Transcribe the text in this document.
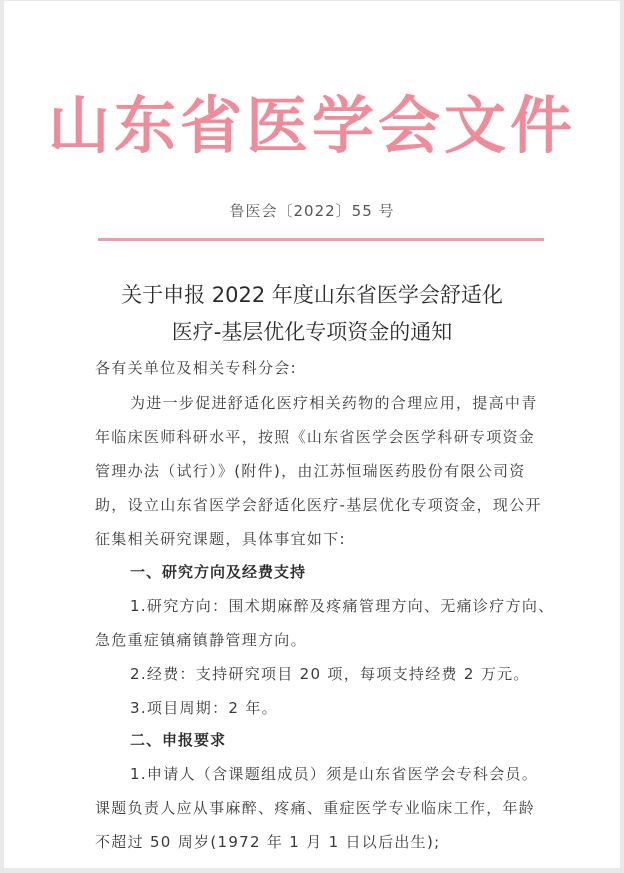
山东省医学会文件
鲁医会〔2022〕55 号
关于申报 2022 年度山东省医学会舒适化
医疗-基层优化专项资金的通知
各有关单位及相关专科分会:
为进一步促进舒适化医疗相关药物的合理应用，提高中青
年临床医师科研水平，按照《山东省医学会医学科研专项资金
管理办法（试行）》(附件)，由江苏恒瑞医药股份有限公司资
助，设立山东省医学会舒适化医疗-基层优化专项资金，现公开
征集相关研究课题，具体事宜如下:
一、研究方向及经费支持
1.研究方向：围术期麻醉及疼痛管理方向、无痛诊疗方向、
急危重症镇痛镇静管理方向。
2.经费：支持研究项目 20 项，每项支持经费 2 万元。
3.项目周期：2 年。
二、申报要求
1.申请人（含课题组成员）须是山东省医学会专科会员。
课题负责人应从事麻醉、疼痛、重症医学专业临床工作，年龄
不超过 50 周岁(1972 年 1 月 1 日以后出生);
